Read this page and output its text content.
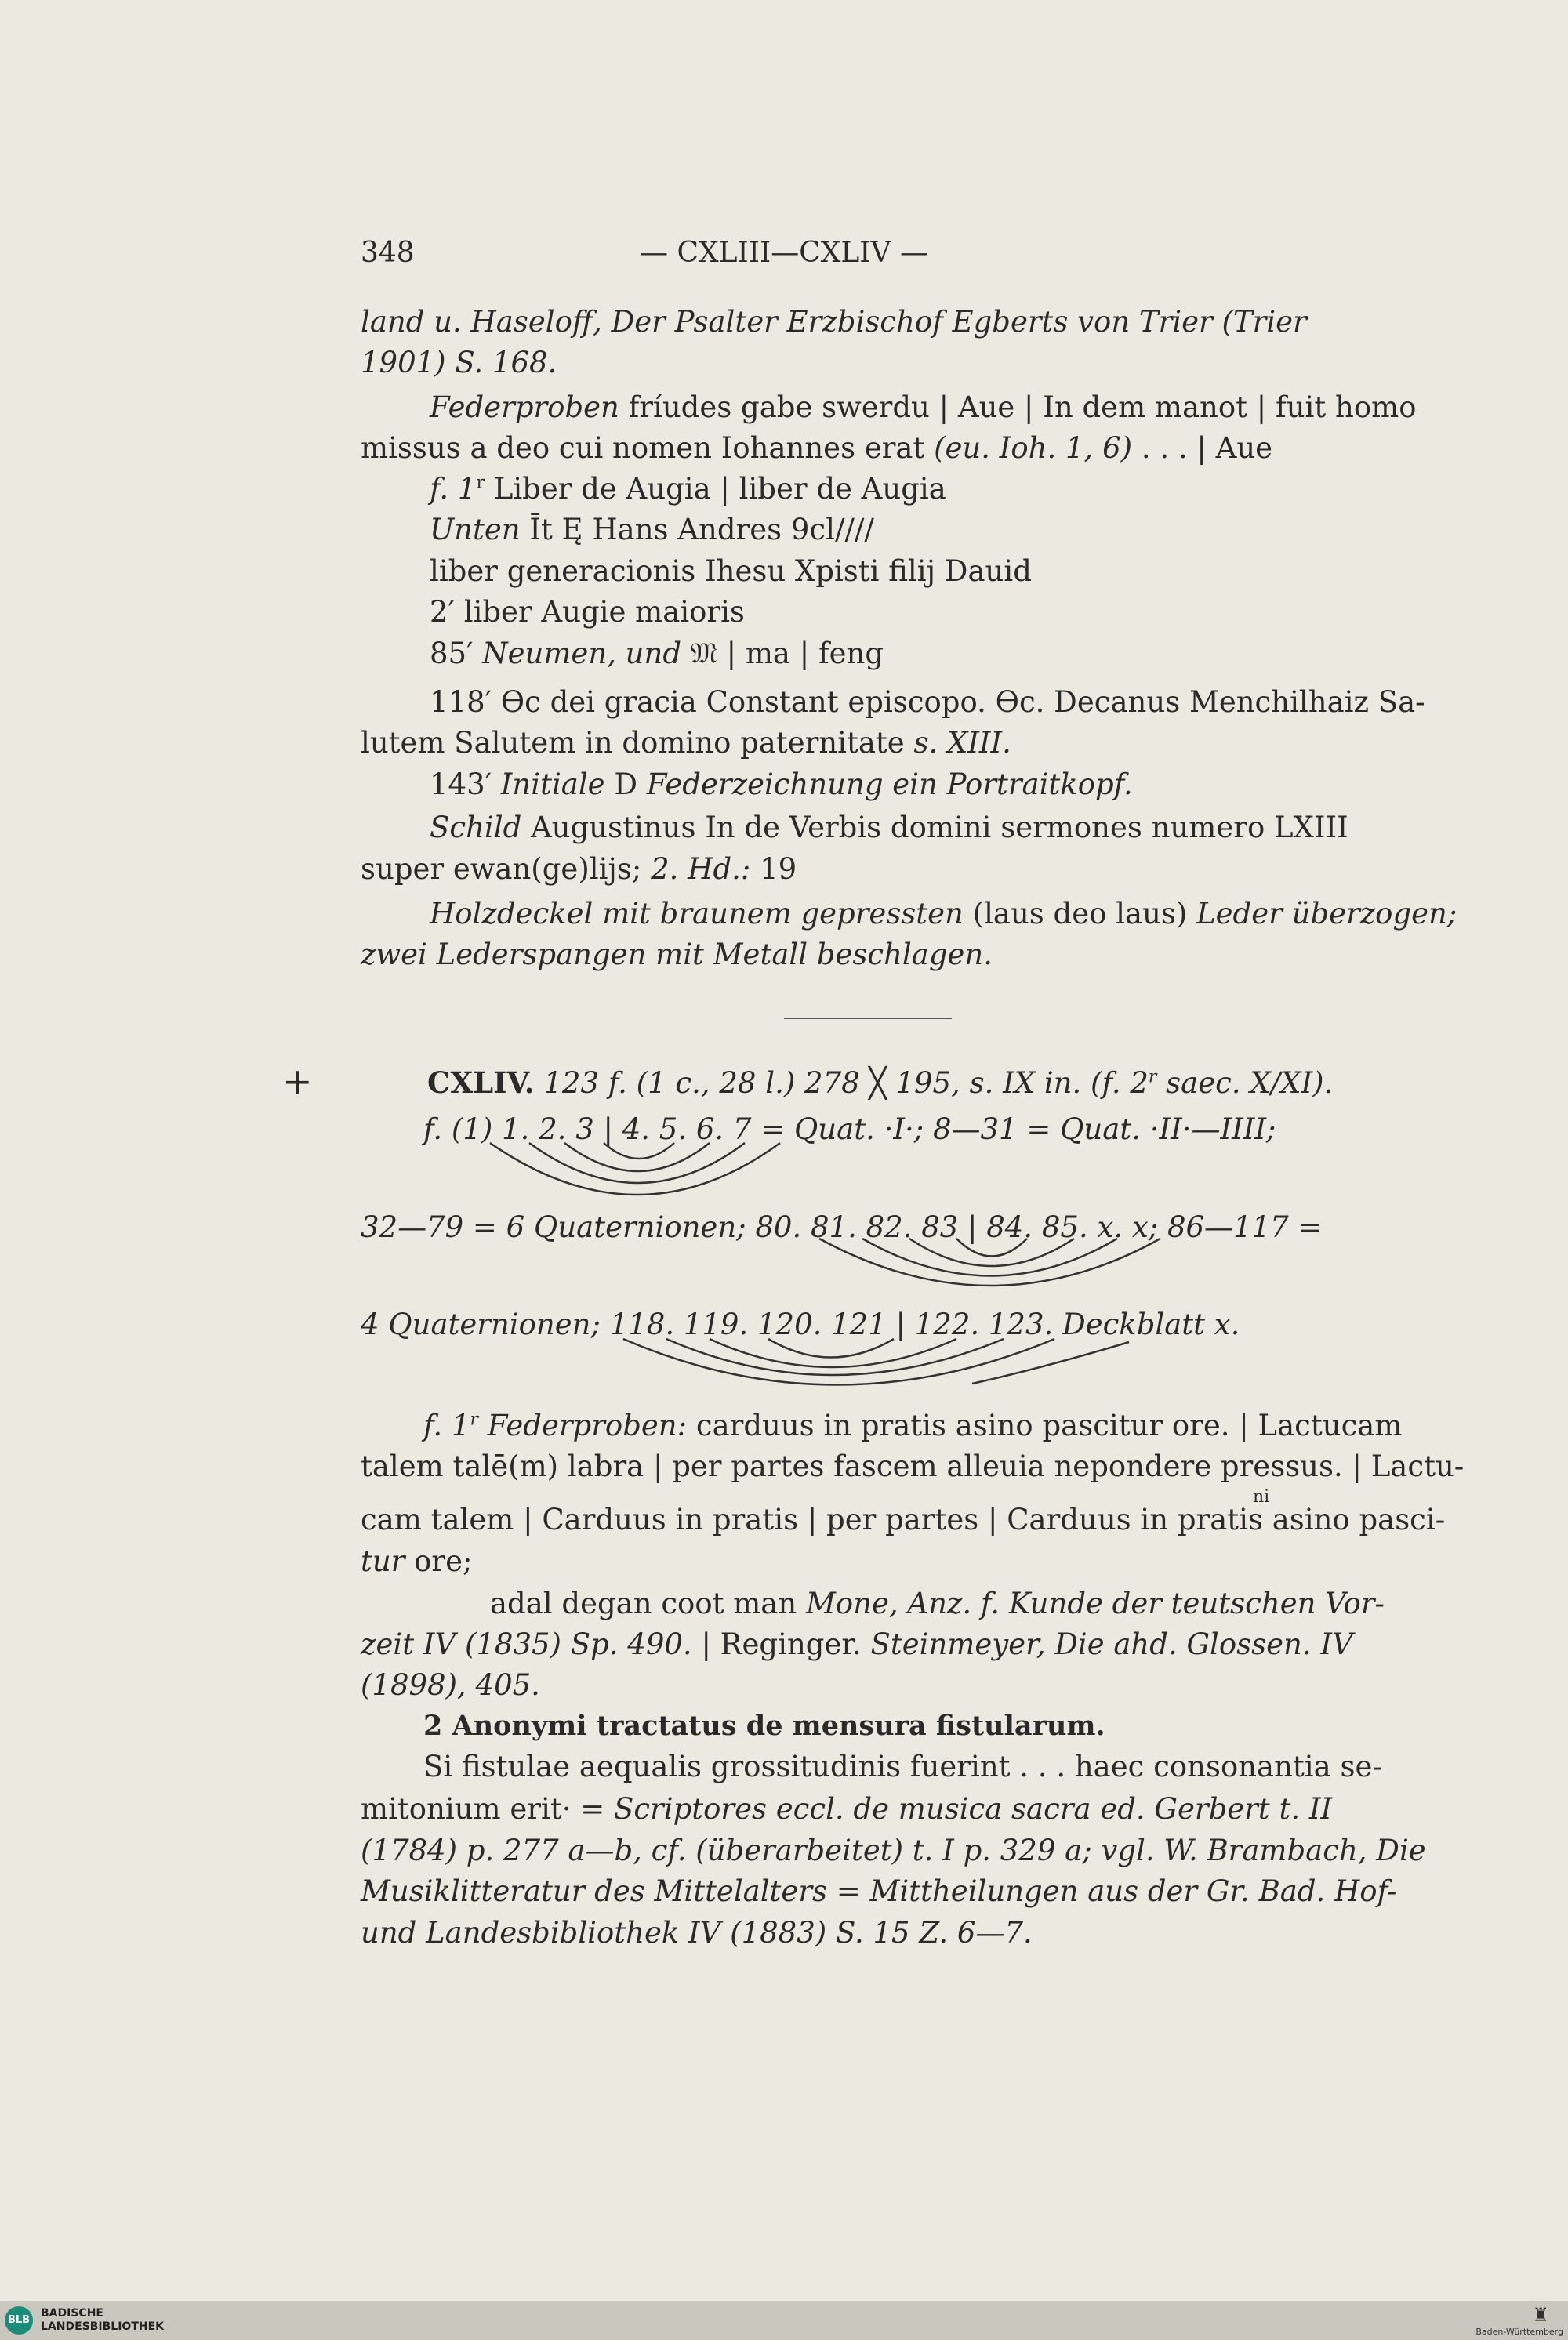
348	— CXLIII—CXLIV —
land u. Haseloff, Der Psalter Erzbischof Egberts von Trier (Trier
1901) S. 168.
Federproben fríudes gabe swerdu | Aue | In dem manot | fuit homo
missus a deo cui nomen Iohannes erat (eu. Ioh. 1, 6) . . . | Aue
f. 1$^r$ Liber de Augia | liber de Augia
Unten Īt Ę Hans Andres 9cl////
liber generacionis Ihesu Xpisti filij Dauid
2′ liber Augie maioris
85′ Neumen, und 𝔐 | ma | feng
118′ ϴc dei gracia Constant episcopo. ϴc. Decanus Menchilhaiz Sa-
lutem Salutem in domino paternitate s. XIII.
143′ Initiale D Federzeichnung ein Portraitkopf.
Schild Augustinus In de Verbis domini sermones numero LXIII
super ewan(ge)lijs; 2. Hd.: 19
Holzdeckel mit braunem gepressten (laus deo laus) Leder überzogen;
zwei Lederspangen mit Metall beschlagen.
+	CXLIV. 123 f. (1 c., 28 l.) 278 ╳ 195, s. IX in. (f. 2$^r$ saec. X/XI).
f. (1) 1. 2. 3 | 4. 5. 6. 7 = Quat. ·I·; 8—31 = Quat. ·II·—IIII;
32—79 = 6 Quaternionen; 80. 81. 82. 83 | 84. 85. x. x; 86—117 =
4 Quaternionen; 118. 119. 120. 121 | 122. 123. Deckblatt x.
f. 1$^r$ Federproben: carduus in pratis asino pascitur ore. | Lactucam
talem talē(m) labra | per partes fascem alleuia nepondere pressus. | Lactu-
ni
cam talem | Carduus in pratis | per partes | Carduus in pratis asino pasci-
tur ore;
adal degan coot man Mone, Anz. f. Kunde der teutschen Vor-
zeit IV (1835) Sp. 490. | Reginger. Steinmeyer, Die ahd. Glossen. IV
(1898), 405.
2 Anonymi tractatus de mensura fistularum.
Si fistulae aequalis grossitudinis fuerint . . . haec consonantia se-
mitonium erit· = Scriptores eccl. de musica sacra ed. Gerbert t. II
(1784) p. 277 a—b, cf. (überarbeitet) t. I p. 329 a; vgl. W. Brambach, Die
Musiklitteratur des Mittelalters = Mittheilungen aus der Gr. Bad. Hof-
und Landesbibliothek IV (1883) S. 15 Z. 6—7.
BLB
BADISCHE
LANDESBIBLIOTHEK
♜
Baden-Württemberg
